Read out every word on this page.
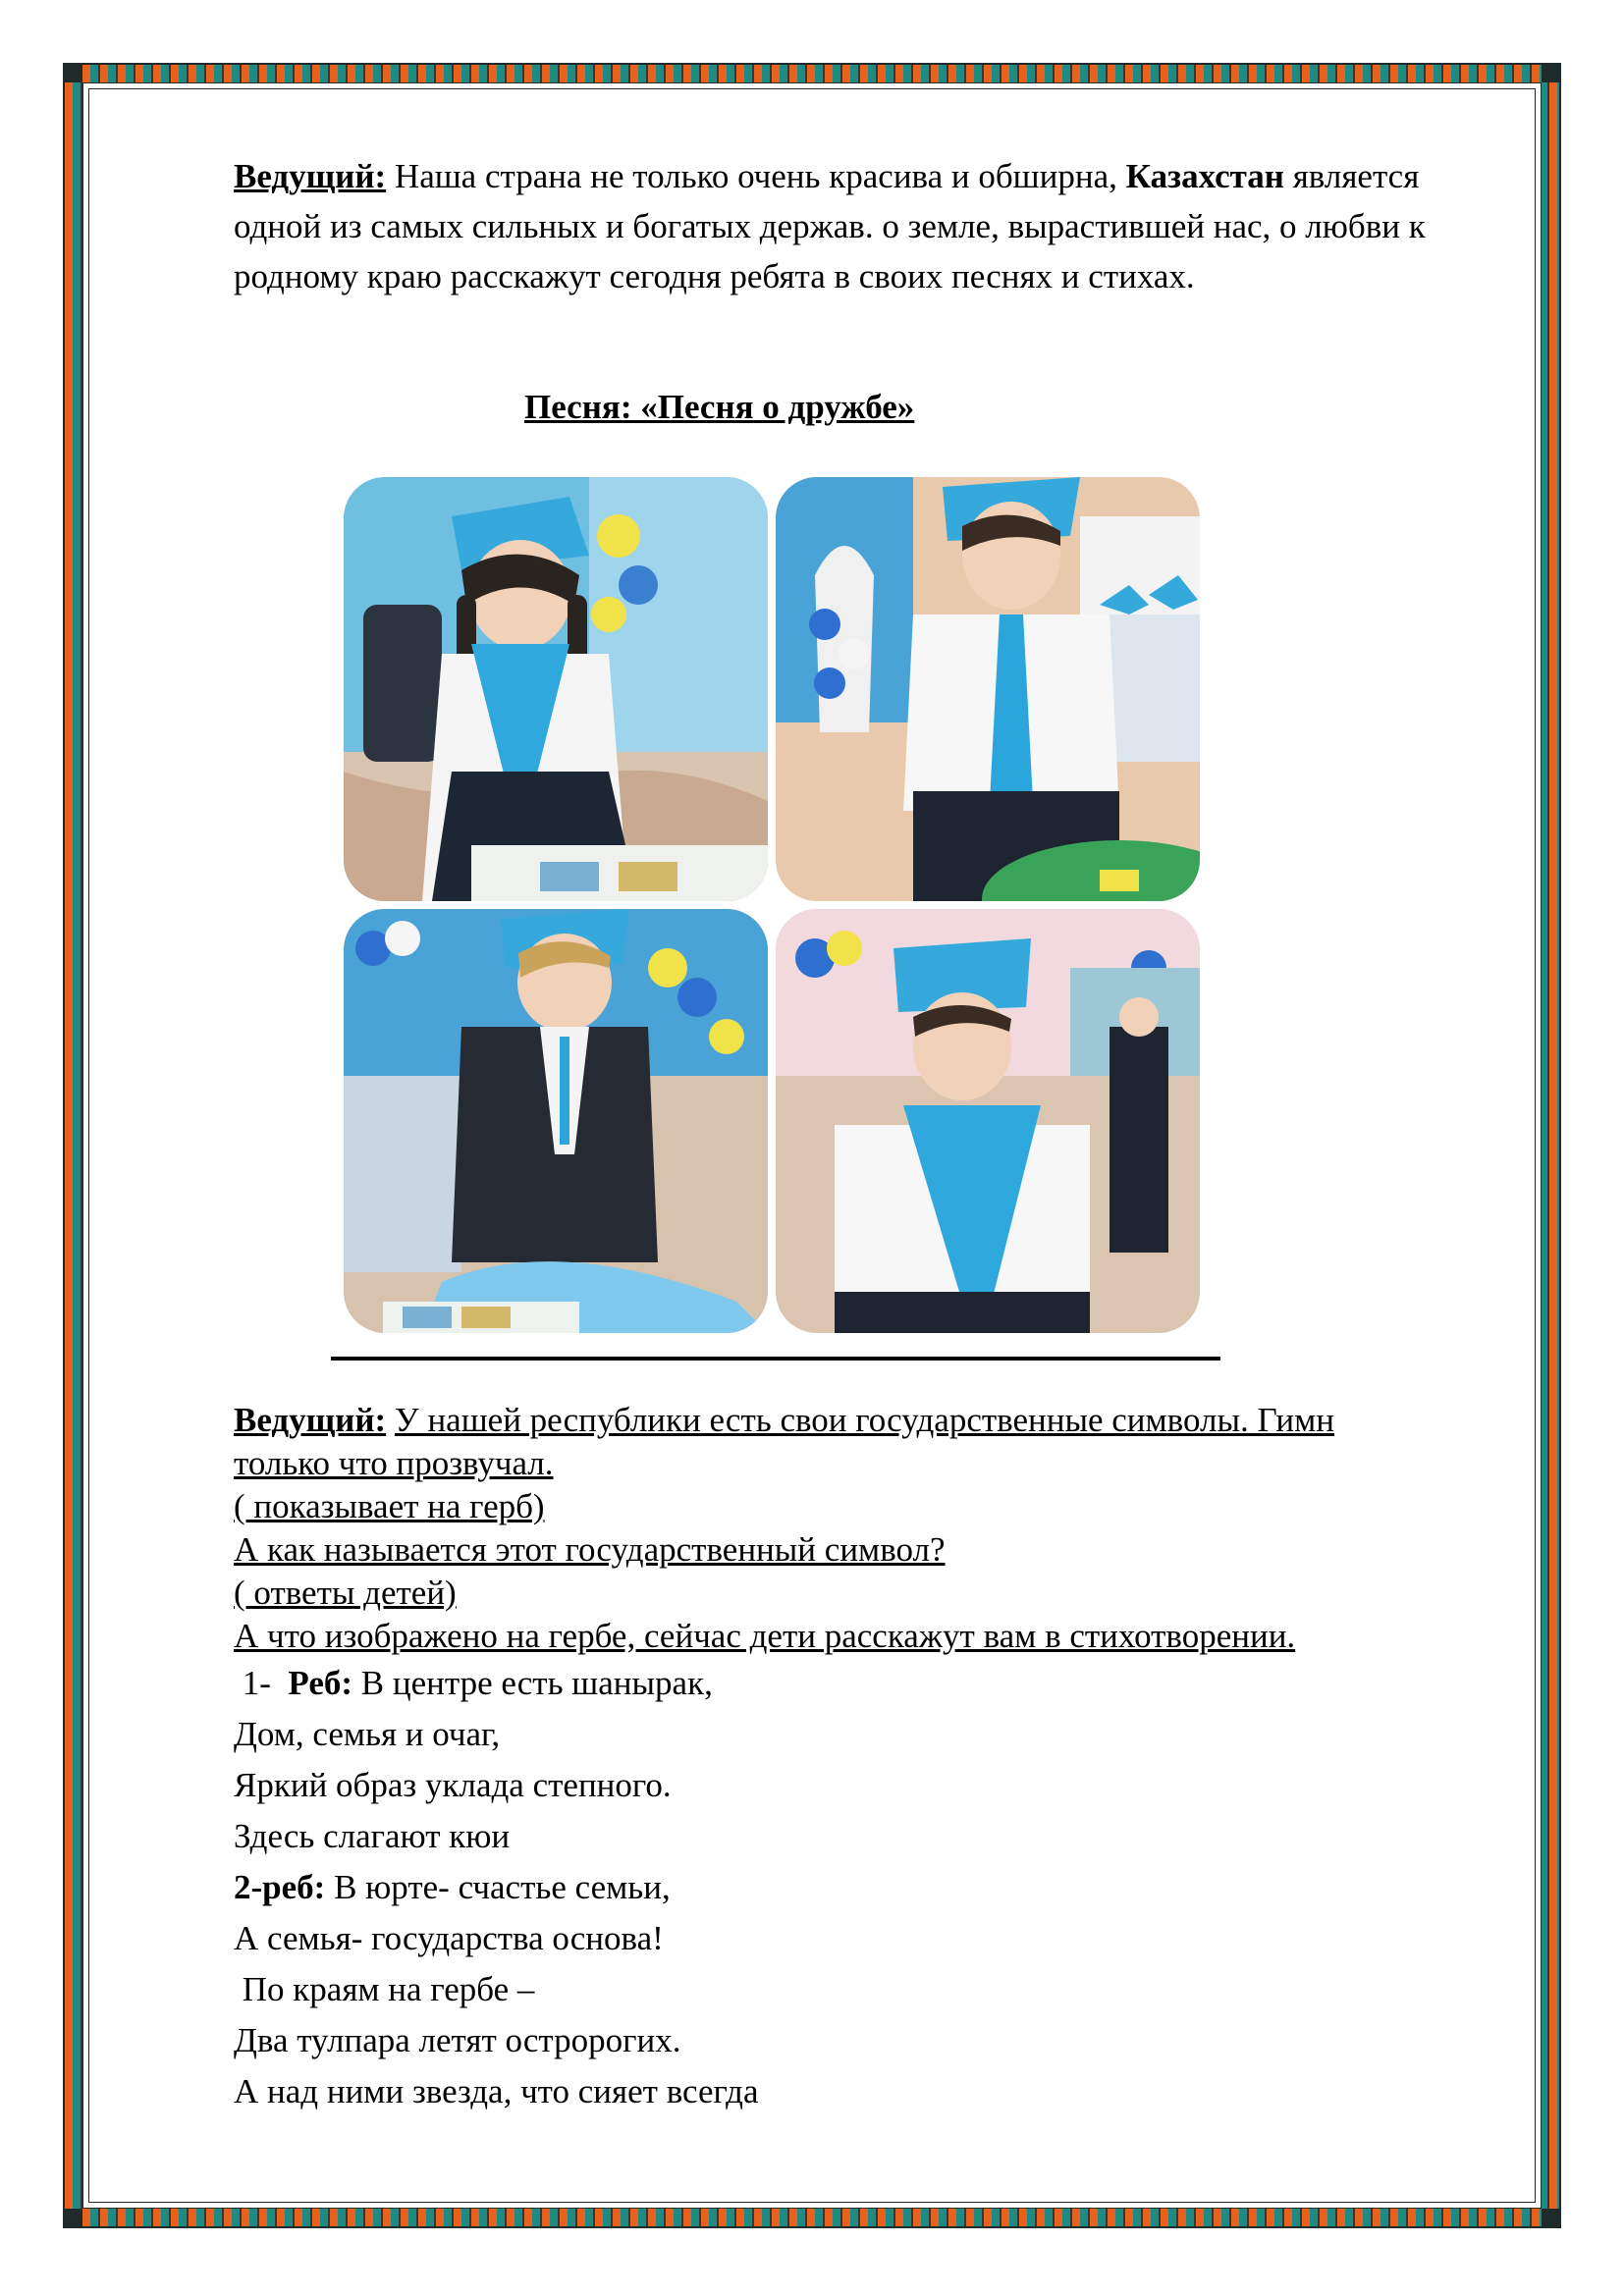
Ведущий: Наша страна не только очень красива и обширна, Казахстан является одной из самых сильных и богатых держав. о земле, вырастившей нас, о любви к родному краю расскажут сегодня ребята в своих песнях и стихах.

Песня: «Песня о дружбе»
Ведущий: У нашей республики есть свои государственные символы. Гимн
только что прозвучал.
( показывает на герб)
А как называется этот государственный символ?
( ответы детей)
А что изображено на гербе, сейчас дети расскажут вам в стихотворении.
1-  Реб: В центре есть шанырак,
Дом, семья и очаг,
Яркий образ уклада степного.
Здесь слагают кюи
2-реб: В юрте- счастье семьи,
А семья- государства основа!
По краям на гербе –
Два тулпара летят остророгих.
А над ними звезда, что сияет всегда
